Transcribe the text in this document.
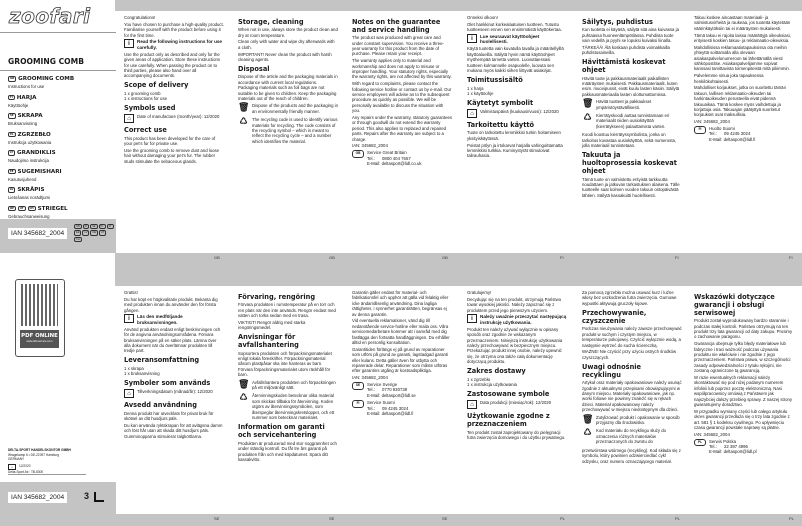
zoofari
GROOMING COMB
GB GROOMING COMB
Instructions for use
FI HARJA
Käyttöohje
SE SKRAPA
Bruksanvisning
PL ZGRZEBŁO
Instrukcja użytkowania
LT GRANDIKLIS
Naudojimo instrukcija
EE SUGEMISHARI
Kasutusjuhend
LV SKRĀPIS
Lietošanas norādījumi
DE	AT	CH STRIEGEL
Gebrauchsanweisung
IAN 345682_2004
GB	FI	SE	PL	LT
EE	LV	DE	AT
CH
PDF ONLINE
www.lidl-service.com
DELTA-SPORT HANDELSKONTOR GMBH
Wragekamp 6 • DE-22397 Hamburg
GERMANY
⌂	12/2020
Delta-Sport-Nr.: TB-8300
IAN 345682_2004	3
Congratulations!
You have chosen to purchase a high-quality product. Familiarise yourself with the product before using it for the first time.
i	Read the following instructions for use carefully.
Use the product only as described and only for the given areas of application. Store these instructions for use carefully. When passing the product on to third parties, please also hand over all accompanying documents.
Scope of delivery
1 x grooming comb
1 x instructions for use
Symbols used
⌂	Date of manufacture (month/year): 12/2020
Correct use
This product has been developed for the care of your pet's fur for private use.
Use the grooming comb to remove dust and loose hair without damaging your pet's fur. The rubber studs stimulate the sebaceous glands.
Storage, cleaning
When not in use, always store the product clean and dry at room temperature.
Clean only with water and wipe dry afterwards with a cloth.
IMPORTANT! Never clean the product with harsh cleaning agents.
Disposal
Dispose of the article and the packaging materials in accordance with current local regulations. Packaging materials such as foil bags are not suitable to be given to children. Keep the packaging materials out of the reach of children.
🗑 Dispose of the products and the packaging in an environmentally friendly manner.
♺	The recycling code is used to identify various materials for recycling. The code consists of the recycling symbol – which is meant to reflect the recycling cycle – and a number which identifies the material.
Notes on the guarantee and service handling
The product was produced with great care and under constant supervision. You receive a three-year warranty for this product from the date of purchase. Please retain your receipt.
The warranty applies only to material and workmanship and does not apply to misuse or improper handling. Your statutory rights, especially the warranty rights, are not affected by this warranty.
With regard to complaints, please contact the following service hotline or contact us by e-mail. Our service employees will advise as to the subsequent procedure as quickly as possible. We will be personally available to discuss the situation with you.
Any repairs under the warranty, statutory guarantees or through goodwill do not extend the warranty period. This also applies to replaced and repaired parts. Repairs after the warranty are subject to a charge.
IAN: 345682_2004
GB	Service Great Britain
Tel.:      0800 404 7657
E-Mail: deltasport@lidl.co.uk
Onneksi olkoon!
Olet hankkinut korkealaatuisen tuotteen. Tutustu tuotteeseen ennen sen ensimmäistä käyttökertaa.
i	Lue seuraavat käyttöohjeet huolellisesti.
Käytä tuotetta vain kuvatulla tavalla ja määritellyillä käyttöalueilla. Säilytä hyvin nämä käyttöohjeet myöhempää tarvetta varten. Luovuttaessasi tuotteen kolmannelle osapuolelle, luovuta sen mukana myös kaikki siihen liittyvät asiakirjat.
Toimitussisältö
1 x harja
1 x käyttöohje
Käytetyt symbolit
⌂	Valmistuspäivä (kuukausi/vuosi): 12/2020
Tarkoitettu käyttö
Tuote on tarkoitettu lemmikkisi turkin hoitamiseen yksityiskäytössä.
Poistat pölyn ja irtokarvat harjalla vahingoittamatta lemmikkisi turkkia. Kuminystyrät stimuloivat talirauhasia.
Säilytys, puhdistus
Kun tuotetta ei käytetä, säilytä sitä aina kuivassa ja puhtaassa huoneenlämpötilassa. Puhdista tuote vain vedellä ja pyyhi se lopuksi kuivaksi liinalla.
TÄRKEÄÄ! Älä koskaan puhdista voimakkailla puhdistusaineilla.
Hävittämistä koskevat ohjeet
Hävitä tuote ja pakkausmateriaalit paikallisten määräysten mukaisesti. Pakkausmateriaalit, kuten esim. muovipussit, eivät kuulu lasten käsiin. Säilytä pakkausmateriaalia lasten ulottumattomissa.
🗑 Hävitä tuotteet ja pakkaukset ympäristöystävällisesti.
♺	Kierrätyskoodi auttaa tunnistamaan eri materiaalit niiden uusiokäyttöä (kierrätykseen) palauttamista varten.
Koodi koostuu kierrätyssymbolista, jonka on tarkoitus kuvastaa uusiokäyttöä, sekä numerosta, jolla materiaali tunnistetaan.
Takuuta ja huoltoprosessia koskevat ohjeet
Tämä tuote on valmistettu erityistä tarkkuutta noudattaen ja jatkuvan tarkastuksen alaisena. Tälle tuotteelle saat kolmen vuoden takuun ostopäivästä lähtien. Säilytä kassakuitti huolellisesti.
Takuu koskee ainoastaan materiaali- ja valmistusvirheitä ja raukeaa, jos tuotetta käytetään väärinkäytöksiin tai ei määräysten mukaisesti.
Tämä takuu ei rajoita laissa määrättyjä oikeuksiasi, erityisesti koskien takuu- ja reklamaatio-oikeuksia.
Mahdollisissa reklamaatiotapauksissa ota meihin yhteyttä soittamalla alla olevaan asiakaspalvelunumeroon tai lähettämällä viesti sähköpostitse. Asiakaspalvelijamme sopivat kanssasi tarvittavista toimenpiteistä mitä pikimmin.
Palvelemme sinua joka tapauksessa henkilökohtaisesti.
Mahdolliset korjaukset, jotka on suoritettu tämän takuun, laillisen reklamaatio-oikeuden tai harkintaoikeuden perusteella eivät pidennä takuuaikaa. Tämä koskee myös vaihdettuja ja korjattuja osia. Takuuajan päätyttyä suoritetut korjaukset ovat maksullisia.
IAN: 345682_2004
FI	Huolto Suomi
Tel.:      09 4245 3024
E-Mail: deltasport@lidl.fi
GB	GB	GB	FI	FI	FI
Grattis!
Du har köpt en högkvalitativ produkt. Bekanta dig med produkten innan du använder den för första gången.
i	Läs den medföljande bruksanvisningen.
Använd produkten endast enligt beskrivningen och för de angivna användningsområdena. Förvara bruksanvisningen på en säker plats. Lämna över alla dokument när du överlämnar produkten till tredje part.
Leveransomfattning
1 x skrapa
1 x bruksanvisning
Symboler som används
⌂	Tillverkningsdatum (månad/år): 12/2020
Avsedd användning
Denna produkt har utvecklats för privat bruk för skötsel av ditt husdjurs päls.
Du kan använda ryktskrapan för att avlägsna damm och löst hår utan att skada ditt husdjurs päls. Gumminopparna stimulerar talgkörtlarna.
Förvaring, rengöring
Förvara produkten i rumstemperatur på en torr och ren plats när den inte används. Rengör endast med vatten och torka sedan med en trasa.
VIKTIGT! Rengör aldrig med starka rengöringsmedel.
Anvisningar för avfallshantering
Sopsortera produkten och förpackningsmaterialet enligt lokala föreskrifter. Förpackningsmaterial såsom plastpåsar ska inte hanteras av barn. Förvara förpackningsmaterialet utom räckhåll för barn.
🗑 Avfallshantera produkten och förpackningen på ett miljövänligt sätt.
♺	Återvinningskoden betecknar olika material som skickas tillbaka för återvinning. Koden utgörs av återvinningssymbolen, som återspeglar återvinningskretsloppet, och ett nummer som betecknar materialet.
Information om garanti och servicehantering
Produkten är producerad med stor noggrannhet och under ständig kontroll. Du får tre års garanti på produkten från och med köpdatumet. Spara ditt kassakvitto.
Garantin gäller endast för material- och fabrikationsfel och upphör att gälla vid felaktig eller icke ändamålsenlig användning. Dina lagliga rättigheter, i synnerhet garantirätten, begränsas ej av denna garantin.
Vid eventuella reklamationer, vänd dig till nedanstående service-hotline eller maila oss. Våra servicemedarbetare kommer att i samråd med dig fastlägga den fortsatta handläggningen. Du erhåller alltid en personlig konsultation.
Garantitiden förlängs ej på grund av reparationer som utförs på grund av garanti, lagstadgad garanti eller kulans. Detta gäller även för utbytta och reparerade delar. Reparationer som måste utföras efter garantins utgång är kostnadspliktiga.
IAN: 345682_2004
SE	Service Sverige
Tel.:      0770 930739
E-Mail: deltasport@lidl.se
FI	Service Suomi
Tel.:      09 4245 3024
E-Mail: deltasport@lidl.fi
Gratulujemy!
Decydując się na ten produkt, otrzymują Państwo towar wysokiej jakości. Należy zapoznać się z produktem przed jego pierwszym użyciem.
i	Należy uważnie przeczytać następującą instrukcję użytkowania.
Produkt ten należy używać wyłącznie w opisany sposób oraz zgodnie ze wskazanym przeznaczeniem. Niniejszą instrukcję użytkowania należy przechowywać w bezpiecznym miejscu. Przekazując produkt innej osobie, należy upewnić się, że otrzyma ona także całą dokumentację dotyczącą produktu.
Zakres dostawy
1 x zgrzebło
1 x instrukcja użytkowania
Zastosowane symbole
⌂	Data produkcji (miesiąc/rok): 12/2020
Użytkowanie zgodne z przeznaczeniem
Ten produkt został zaprojektowany do pielęgnacji futra zwierzęcia domowego i do użytku prywatnego.
Za pomocą zgrzebła można usuwać kurz i luźne włosy bez uszkodzenia futra zwierzęcia. Gumowe wypustki aktywują gruczoły łojowe.
Przechowywanie, czyszczenie
Podczas nieużywania należy zawsze przechowywać produkt w suchym i czystym miejscu, w temperaturze pokojowej. Czyścić wyłącznie wodą, a następnie wytrzeć do sucha ściereczką.
WAŻNE! Nie czyścić przy użyciu ostrych środków czyszczących.
Uwagi odnośnie recyklingu
Artykuł oraz materiały opakowaniowe należy usunąć zgodnie z aktualnymi przepisami obowiązującymi w danym miejscu. Materiały opakowaniowe, jak np. worki foliowe nie powinny znaleźć się w rękach dzieci. Materiał opakowaniowy należy przechowywać w miejscu niedostępnym dla dzieci.
🗑 Zutylizować produkt i opakowanie w sposób przyjazny dla środowiska.
♺	Kod materiału do recyklingu służy do oznaczenia różnych materiałów przeznaczonych do zwrotu do
przetwórstwa wtórnego (recykling). Kod składa się z symbolu, który powinien odzwierciedlać cykl odzysku, oraz numeru oznaczającego materiał.
Wskazówki dotyczące gwarancji i obsługi serwisowej
Produkt został wyprodukowany bardzo starannie i podczas stałej kontroli. Państwo otrzymują na ten produkt trzy lata gwarancji od daty zakupu. Prosimy o zachowanie paragonu.
Gwarancja obejmuje tylko błędy materiałowe lub fabryczne i traci ważność podczas używania produktu nie właściwie i nie zgodnie z jego przeznaczeniem. Państwa prawa, w szczególności zasady odpowiedzialności z tytułu rękojmi, nie zostaną ograniczone tą gwarancją.
W razie ewentualnych reklamacji należy skontaktować się pod niżej podanym numerem infolinii lub poprzez pocztę elektroniczną. Nasi współpracownicy omówią z Państwem jak najszybciej dalszy przebieg sprawy. Z naszej strony gwarantujemy doradztwo.
W przypadku wymiany części lub całego artykułu okres gwarancji przedłuża się o trzy lata zgodnie z art. 581 § 1 kodeksu cywilnego. Po upływnięciu czasu gwarancji powstałe naprawy są płatne.
IAN: 345682_2004
PL	Serwis Polska
Tel.:      22 397 4996
E-Mail: deltasport@lidl.pl
SE	SE	SE	PL	PL	PL
